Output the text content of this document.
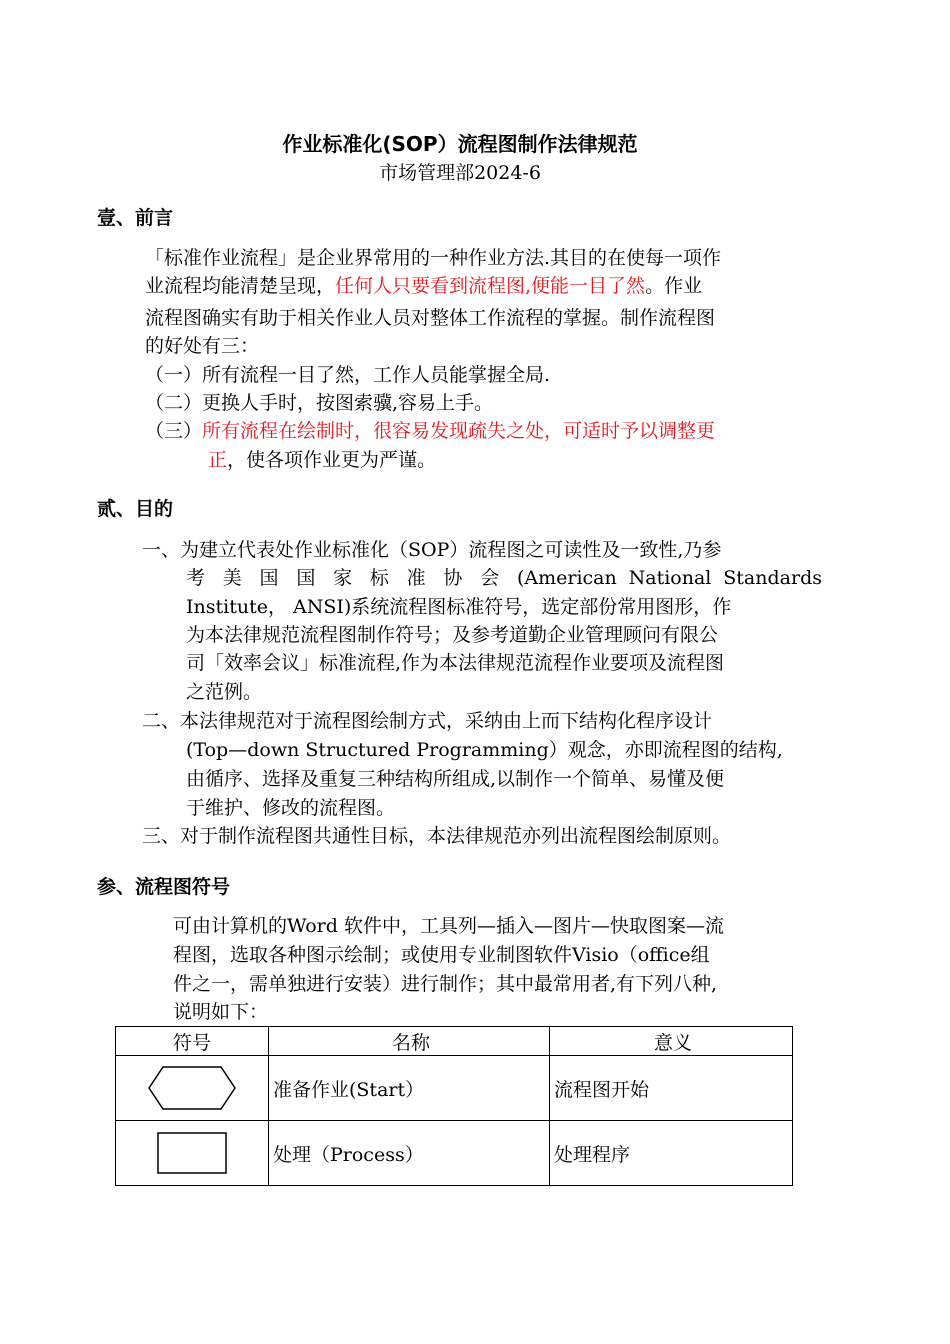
作业标准化(SOP）流程图制作法律规范
市场管理部2024-6
壹、前言
「标准作业流程」是企业界常用的一种作业方法.其目的在使每一项作
业流程均能清楚呈现，任何人只要看到流程图,便能一目了然。作业
流程图确实有助于相关作业人员对整体工作流程的掌握。制作流程图
的好处有三：
（一）所有流程一目了然，工作人员能掌握全局.
（二）更换人手时，按图索骥,容易上手。
（三）所有流程在绘制时，很容易发现疏失之处，可适时予以调整更
正，使各项作业更为严谨。
贰、目的
一、为建立代表处作业标准化（SOP）流程图之可读性及一致性,乃参
考 美 国 国 家 标 准 协 会 (American National Standards
Institute， ANSI)系统流程图标准符号，选定部份常用图形，作
为本法律规范流程图制作符号；及参考道勤企业管理顾问有限公
司「效率会议」标准流程,作为本法律规范流程作业要项及流程图
之范例。
二、本法律规范对于流程图绘制方式，采纳由上而下结构化程序设计
(Top—down Structured Programming）观念，亦即流程图的结构,
由循序、选择及重复三种结构所组成,以制作一个简单、易懂及便
于维护、修改的流程图。
三、对于制作流程图共通性目标，本法律规范亦列出流程图绘制原则。
参、流程图符号
可由计算机的Word 软件中，工具列—插入—图片—快取图案—流
程图，选取各种图示绘制；或使用专业制图软件Visio（office组
件之一，需单独进行安装）进行制作；其中最常用者,有下列八种,
说明如下：
符号	名称	意义

	准备作业(Start）	流程图开始

	处理（Process）	处理程序
